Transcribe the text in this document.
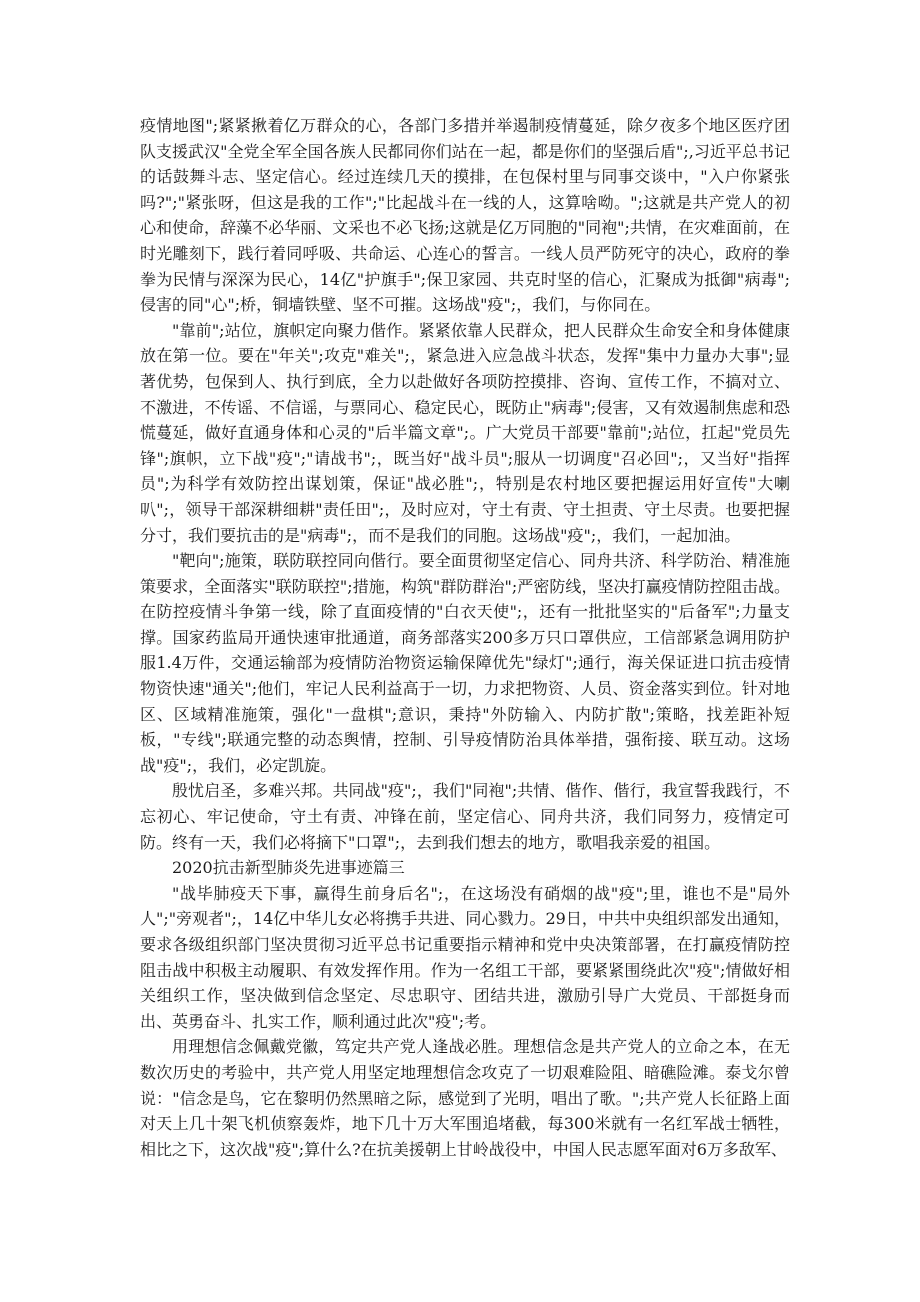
疫情地图";紧紧揪着亿万群众的心，各部门多措并举遏制疫情蔓延，除夕夜多个地区医疗团队支援武汉"全党全军全国各族人民都同你们站在一起，都是你们的坚强后盾";,习近平总书记的话鼓舞斗志、坚定信心。经过连续几天的摸排，在包保村里与同事交谈中，"入户你紧张吗?";"紧张呀，但这是我的工作";"比起战斗在一线的人，这算啥呦。";这就是共产党人的初心和使命，辞藻不必华丽、文采也不必飞扬;这就是亿万同胞的"同袍";共情，在灾难面前，在时光雕刻下，践行着同呼吸、共命运、心连心的誓言。一线人员严防死守的决心，政府的拳拳为民情与深深为民心，14亿"护旗手";保卫家园、共克时坚的信心，汇聚成为抵御"病毒";侵害的同"心";桥，铜墙铁壁、坚不可摧。这场战"疫";，我们，与你同在。

"靠前";站位，旗帜定向聚力偕作。紧紧依靠人民群众，把人民群众生命安全和身体健康放在第一位。要在"年关";攻克"难关";，紧急进入应急战斗状态，发挥"集中力量办大事";显著优势，包保到人、执行到底，全力以赴做好各项防控摸排、咨询、宣传工作，不搞对立、不激进，不传谣、不信谣，与票同心、稳定民心，既防止"病毒";侵害，又有效遏制焦虑和恐慌蔓延，做好直通身体和心灵的"后半篇文章";。广大党员干部要"靠前";站位，扛起"党员先锋";旗帜，立下战"疫";"请战书";，既当好"战斗员";服从一切调度"召必回";，又当好"指挥员";为科学有效防控出谋划策，保证"战必胜";，特别是农村地区要把握运用好宣传"大喇叭";，领导干部深耕细耕"责任田";，及时应对，守土有责、守土担责、守土尽责。也要把握分寸，我们要抗击的是"病毒";，而不是我们的同胞。这场战"疫";，我们，一起加油。

"靶向";施策，联防联控同向偕行。要全面贯彻坚定信心、同舟共济、科学防治、精准施策要求，全面落实"联防联控";措施，构筑"群防群治";严密防线，坚决打赢疫情防控阻击战。在防控疫情斗争第一线，除了直面疫情的"白衣天使";，还有一批批坚实的"后备军";力量支撑。国家药监局开通快速审批通道，商务部落实200多万只口罩供应，工信部紧急调用防护服1.4万件，交通运输部为疫情防治物资运输保障优先"绿灯";通行，海关保证进口抗击疫情物资快速"通关";他们，牢记人民利益高于一切，力求把物资、人员、资金落实到位。针对地区、区域精准施策，强化"一盘棋";意识，秉持"外防输入、内防扩散";策略，找差距补短板，"专线";联通完整的动态舆情，控制、引导疫情防治具体举措，强衔接、联互动。这场战"疫";，我们，必定凯旋。

殷忧启圣，多难兴邦。共同战"疫";，我们"同袍";共情、偕作、偕行，我宣誓我践行，不忘初心、牢记使命，守土有责、冲锋在前，坚定信心、同舟共济，我们同努力，疫情定可防。终有一天，我们必将摘下"口罩";，去到我们想去的地方，歌唱我亲爱的祖国。

2020抗击新型肺炎先进事迹篇三

"战毕肺疫天下事，赢得生前身后名";，在这场没有硝烟的战"疫";里，谁也不是"局外人";"旁观者";，14亿中华儿女必将携手共进、同心戮力。29日，中共中央组织部发出通知，要求各级组织部门坚决贯彻习近平总书记重要指示精神和党中央决策部署，在打赢疫情防控阻击战中积极主动履职、有效发挥作用。作为一名组工干部，要紧紧围绕此次"疫";情做好相关组织工作，坚决做到信念坚定、尽忠职守、团结共进，激励引导广大党员、干部挺身而出、英勇奋斗、扎实工作，顺利通过此次"疫";考。

用理想信念佩戴党徽，笃定共产党人逢战必胜。理想信念是共产党人的立命之本，在无数次历史的考验中，共产党人用坚定地理想信念攻克了一切艰难险阻、暗礁险滩。泰戈尔曾说："信念是鸟，它在黎明仍然黑暗之际，感觉到了光明，唱出了歌。";共产党人长征路上面对天上几十架飞机侦察轰炸，地下几十万大军围追堵截，每300米就有一名红军战士牺牲，相比之下，这次战"疫";算什么?在抗美援朝上甘岭战役中，中国人民志愿军面对6万多敌军、
